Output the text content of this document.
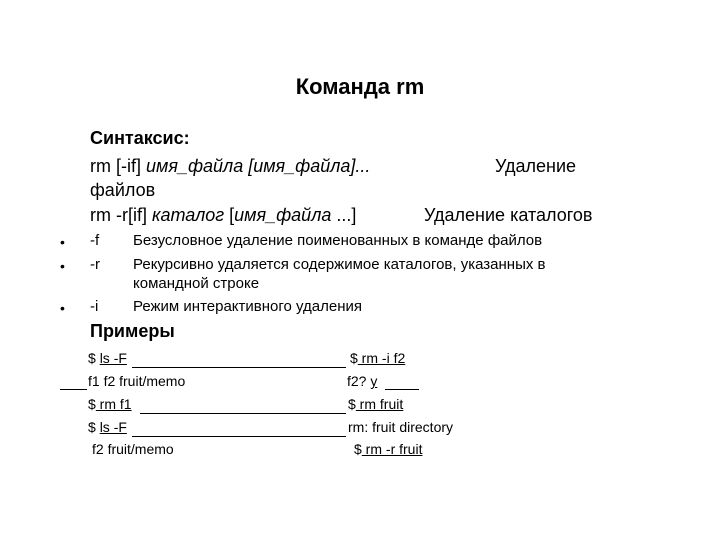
Команда rm
Синтаксис:
rm [-if] имя_файла [имя_файла]...	Удаление
файлов
rm -r[if] каталог [имя_файла ...]	Удаление каталогов
• -f Безусловное удаление поименованных в команде файлов
• -r Рекурсивно удаляется содержимое каталогов, указанных в
командной строке
• -i Режим интерактивного удаления
Примеры
$ ls -F
f1 f2 fruit/memo
$ rm f1
$ ls -F
f2 fruit/memo
$ rm -i f2
f2? y
$ rm fruit
rm: fruit directory
$ rm -r fruit
